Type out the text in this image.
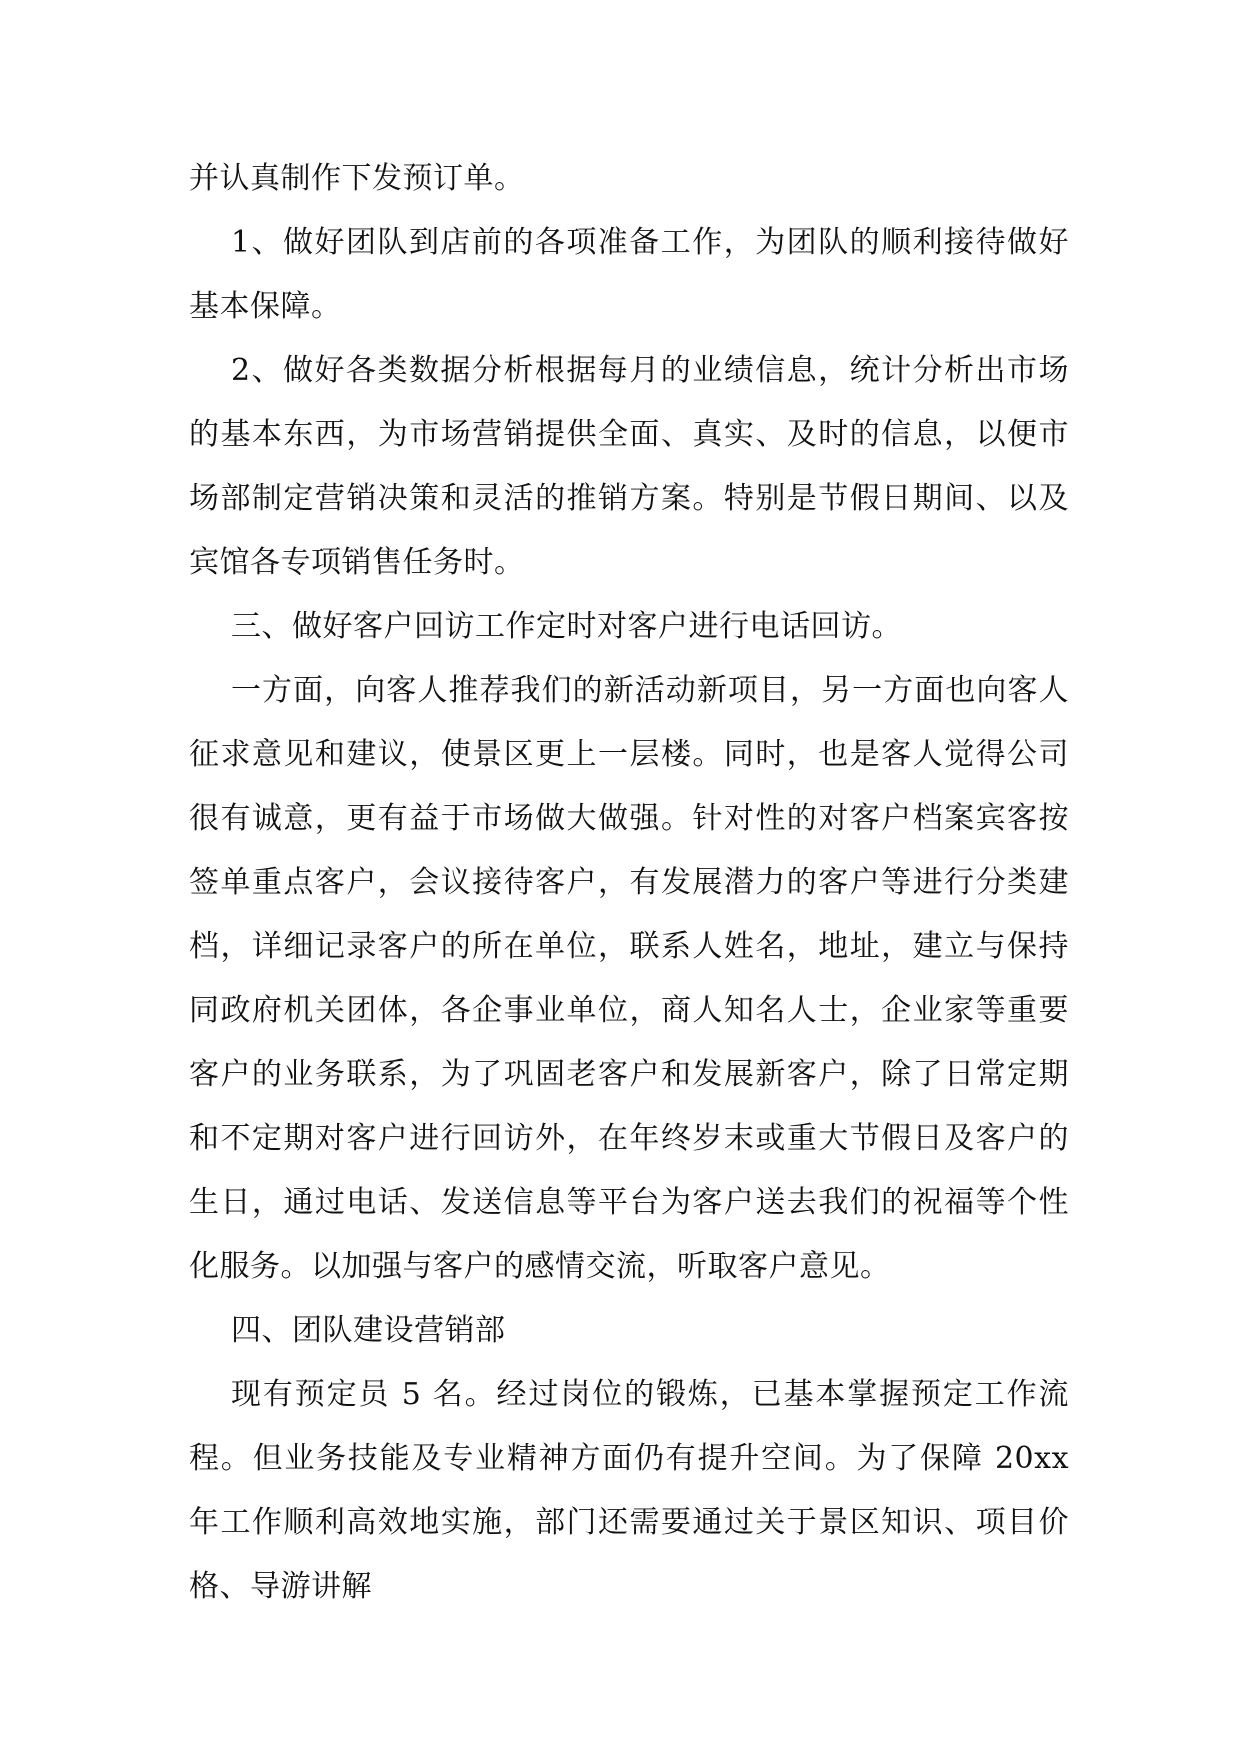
并认真制作下发预订单。

1、做好团队到店前的各项准备工作，为团队的顺利接待做好基本保障。

2、做好各类数据分析根据每月的业绩信息，统计分析出市场的基本东西，为市场营销提供全面、真实、及时的信息，以便市场部制定营销决策和灵活的推销方案。特别是节假日期间、以及宾馆各专项销售任务时。

三、做好客户回访工作定时对客户进行电话回访。

一方面，向客人推荐我们的新活动新项目，另一方面也向客人征求意见和建议，使景区更上一层楼。同时，也是客人觉得公司很有诚意，更有益于市场做大做强。针对性的对客户档案宾客按签单重点客户，会议接待客户，有发展潜力的客户等进行分类建档，详细记录客户的所在单位，联系人姓名，地址，建立与保持同政府机关团体，各企事业单位，商人知名人士，企业家等重要客户的业务联系，为了巩固老客户和发展新客户，除了日常定期和不定期对客户进行回访外，在年终岁末或重大节假日及客户的生日，通过电话、发送信息等平台为客户送去我们的祝福等个性化服务。以加强与客户的感情交流，听取客户意见。

四、团队建设营销部

现有预定员 5 名。经过岗位的锻炼，已基本掌握预定工作流程。但业务技能及专业精神方面仍有提升空间。为了保障 20xx 年工作顺利高效地实施，部门还需要通过关于景区知识、项目价格、导游讲解
